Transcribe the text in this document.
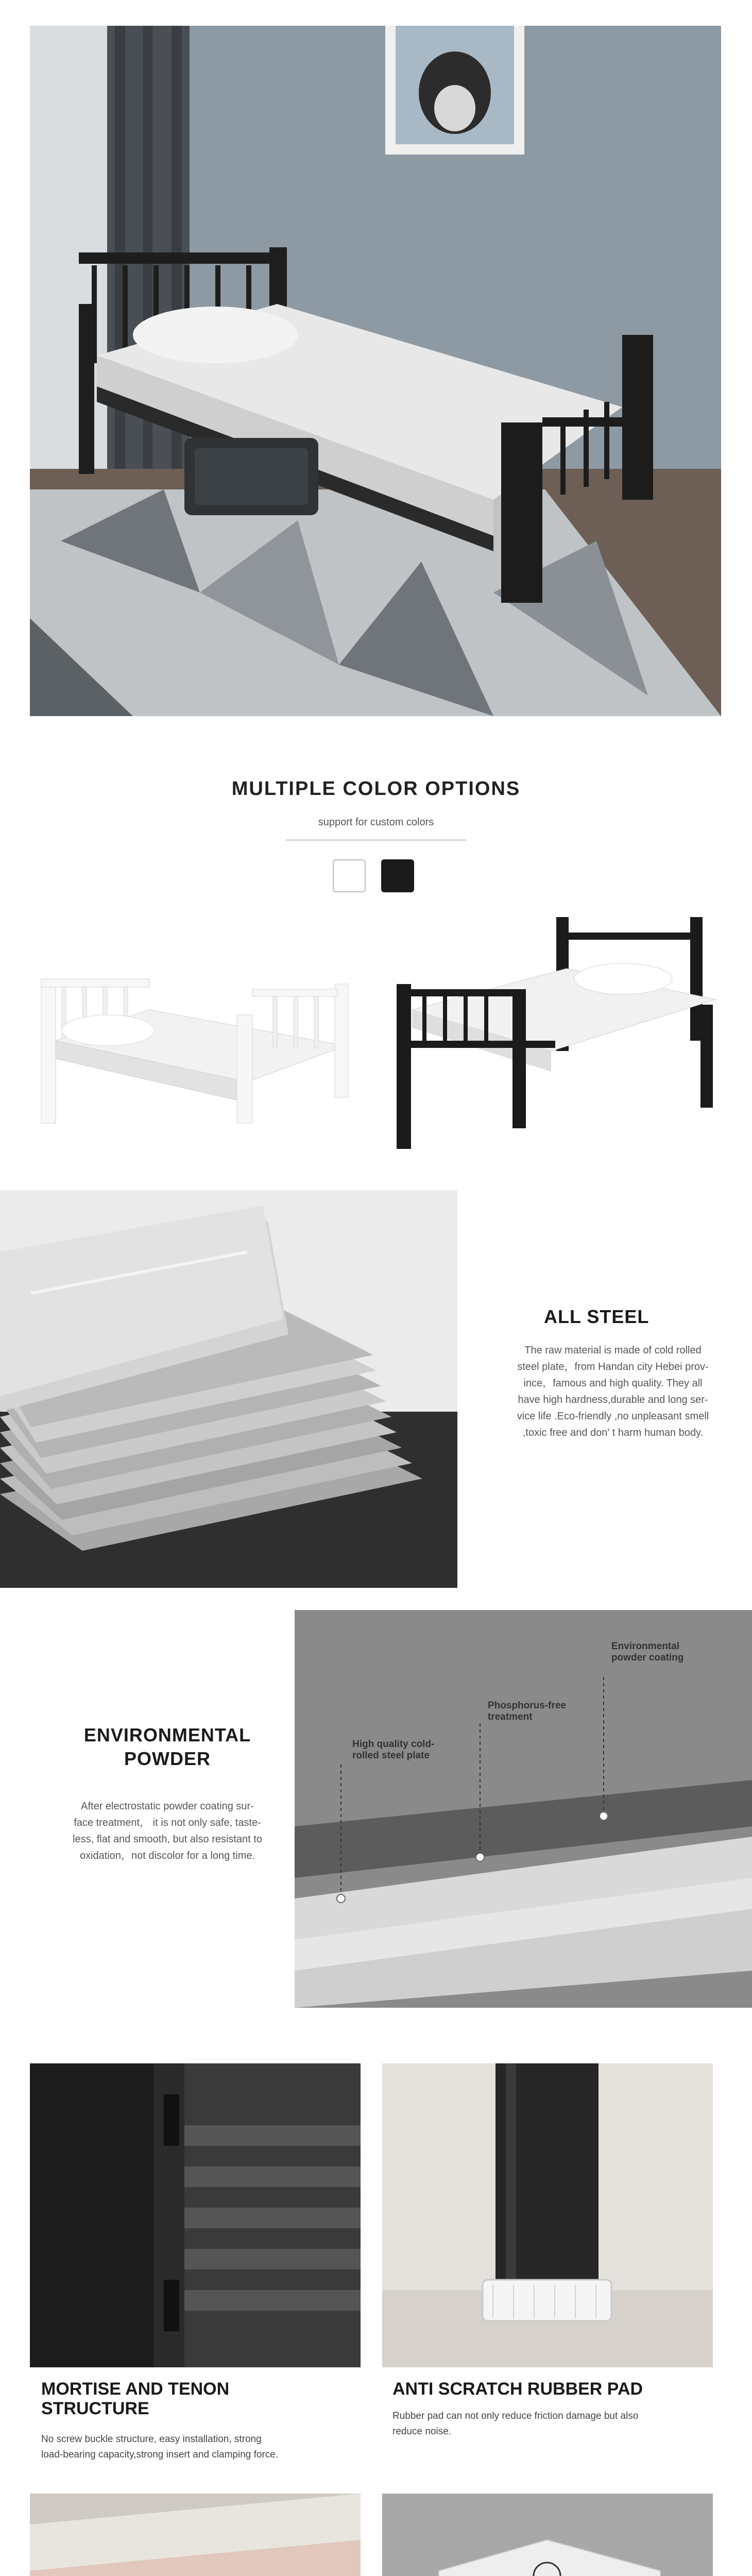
MULTIPLE COLOR OPTIONS
support for custom colors
ALL STEEL
The raw material is made of cold rolled
steel plate，from Handan city Hebei prov-
ince，famous and high quality. They all
have high hardness,durable and long ser-
vice life .Eco-friendly ,no unpleasant smell
,toxic free and don' t harm human body.
ENVIRONMENTAL
POWDER
After electrostatic powder coating sur-
face treatment， it is not only safe, taste-
less, flat and smooth, but also resistant to
oxidation，not discolor for a long time.
Environmental
powder coating
Phosphorus-free
treatment
High quality cold-
rolled steel plate
MORTISE AND TENON
STRUCTURE
No screw buckle structure, easy installation, strong
load-bearing capacity,strong insert and clamping force.
ANTI SCRATCH RUBBER PAD
Rubber pad can not only reduce friction damage but also
reduce noise.
